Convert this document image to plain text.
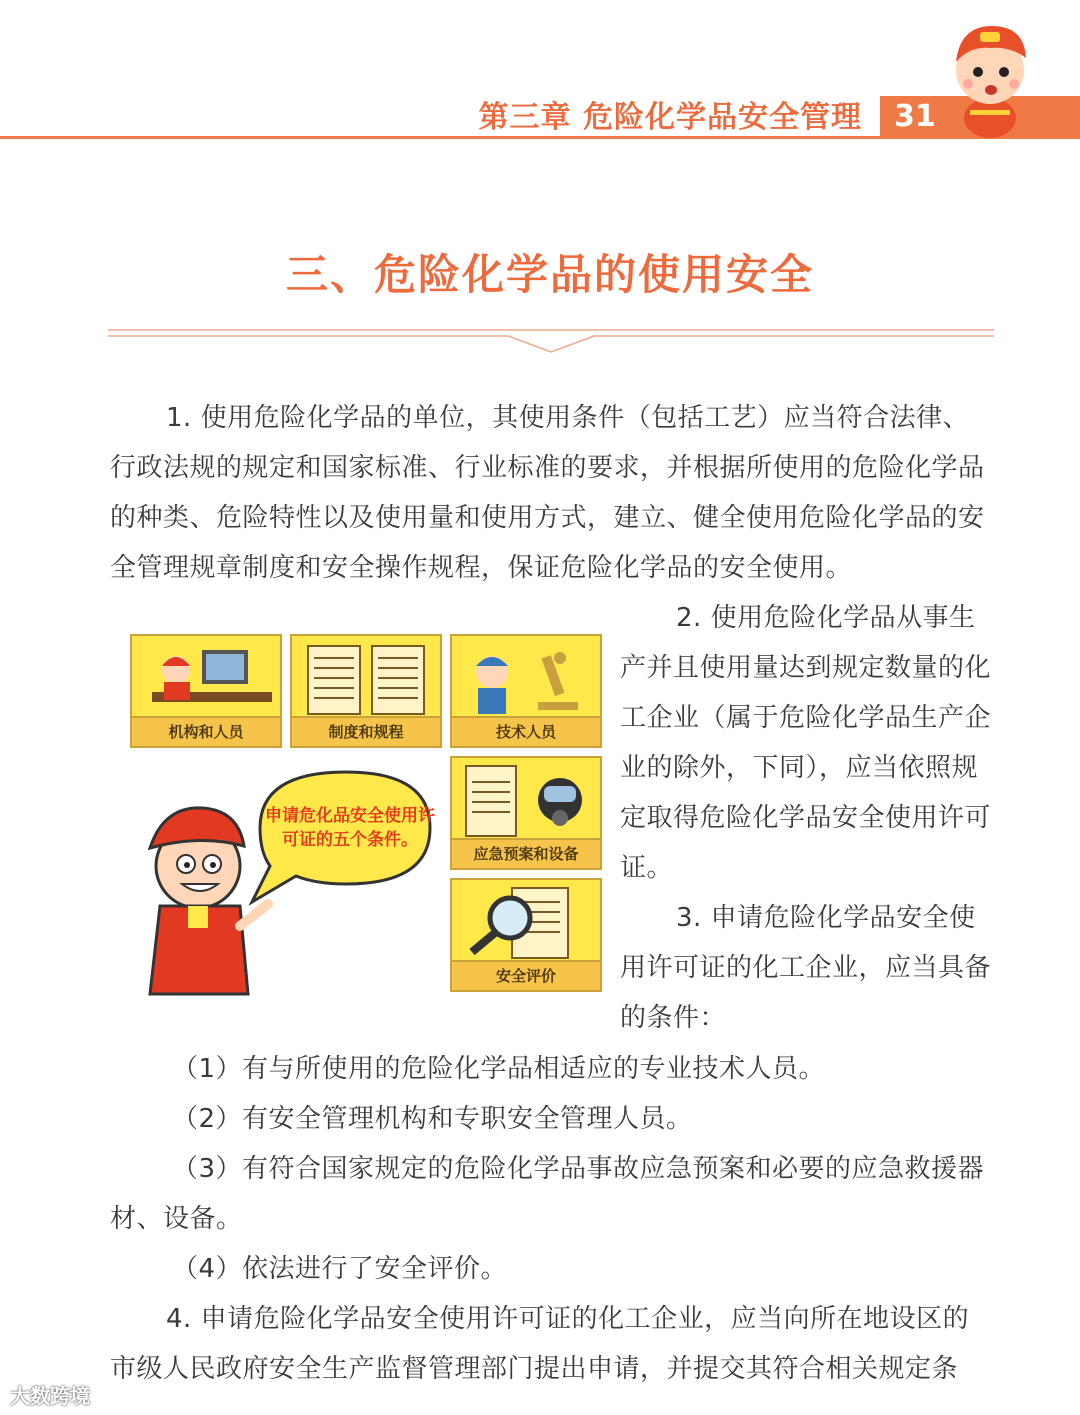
第三章 危险化学品安全管理 31
三、危险化学品的使用安全

1. 使用危险化学品的单位，其使用条件（包括工艺）应当符合法律、行政法规的规定和国家标准、行业标准的要求，并根据所使用的危险化学品的种类、危险特性以及使用量和使用方式，建立、健全使用危险化学品的安全管理规章制度和安全操作规程，保证危险化学品的安全使用。

机构和人员	制度和规程	技术人员
应急预案和设备
安全评价
申请危化品安全使用许可证的五个条件。

2. 使用危险化学品从事生产并且使用量达到规定数量的化工企业（属于危险化学品生产企业的除外，下同），应当依照规定取得危险化学品安全使用许可证。

3. 申请危险化学品安全使用许可证的化工企业，应当具备的条件：

（1）有与所使用的危险化学品相适应的专业技术人员。

（2）有安全管理机构和专职安全管理人员。

（3）有符合国家规定的危险化学品事故应急预案和必要的应急救援器材、设备。

（4）依法进行了安全评价。

4. 申请危险化学品安全使用许可证的化工企业，应当向所在地设区的市级人民政府安全生产监督管理部门提出申请，并提交其符合相关规定条

大数跨境
